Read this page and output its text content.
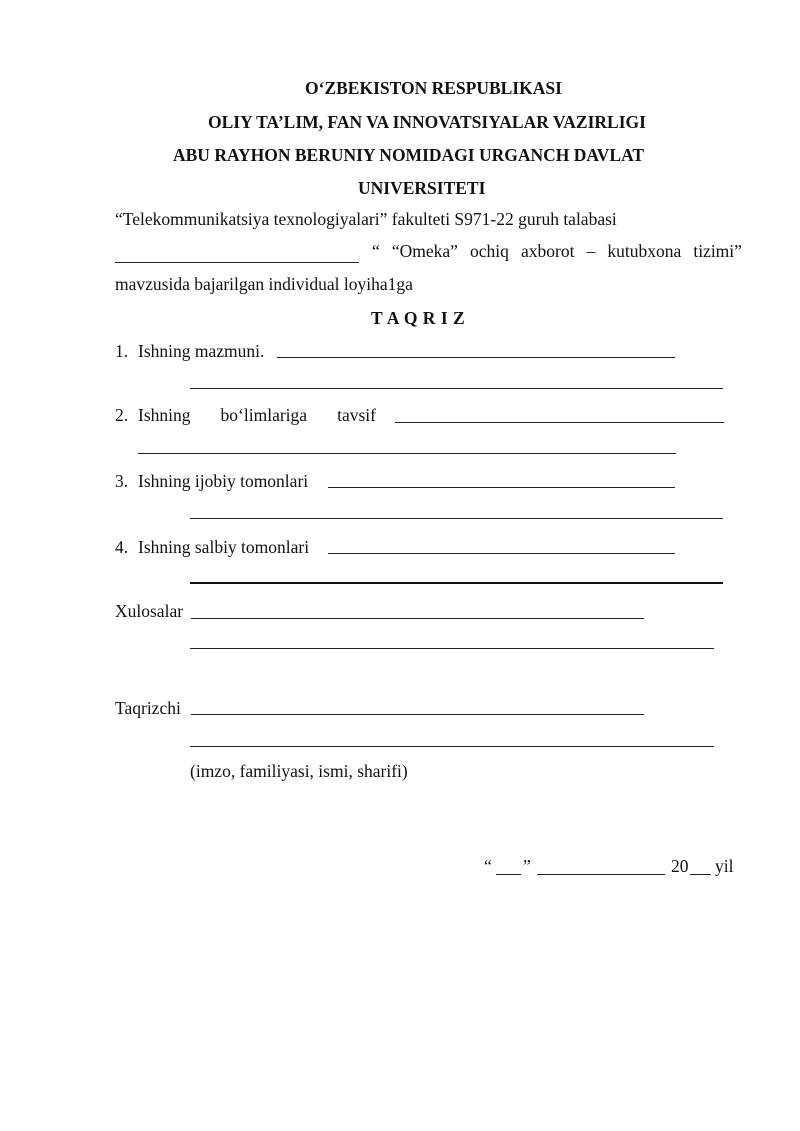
O‘ZBEKISTON RESPUBLIKASI
OLIY TA’LIM, FAN VA INNOVATSIYALAR VAZIRLIGI
ABU RAYHON BERUNIY NOMIDAGI URGANCH DAVLAT
UNIVERSITETI
“Telekommunikatsiya texnologiyalari” fakulteti S971-22 guruh talabasi
“ “Omeka” ochiq axborot – kutubxona tizimi”
mavzusida bajarilgan individual loyiha1ga
T A Q R I Z
1. Ishning mazmuni.
2. Ishning bo‘limlariga tavsif
3. Ishning ijobiy tomonlari
4. Ishning salbiy tomonlari
Xulosalar
Taqrizchi
(imzo, familiyasi, ismi, sharifi)
“ ”	20 yil
